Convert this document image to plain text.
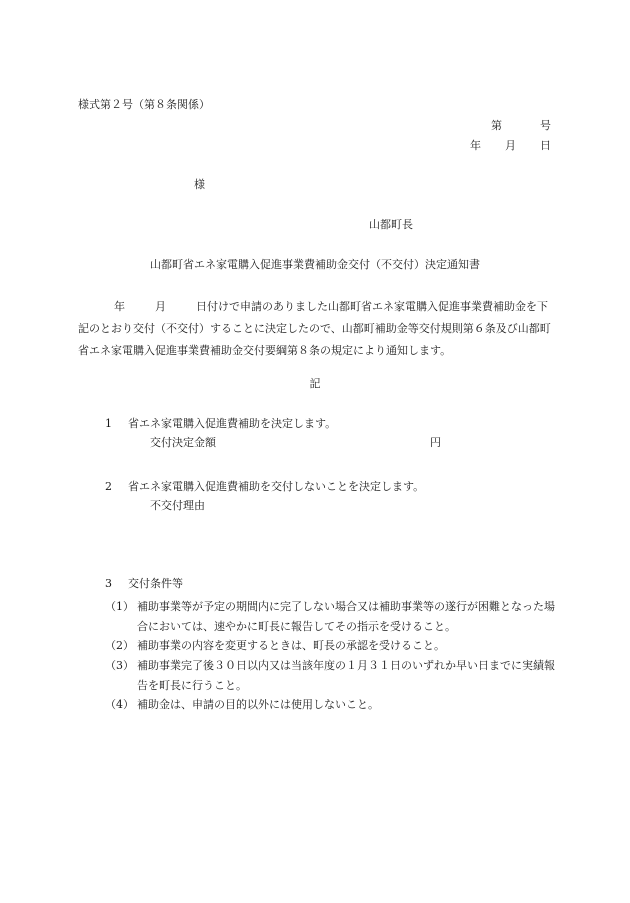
様式第２号（第８条関係）
第	号
年 月 日
様
山都町長
山都町省エネ家電購入促進事業費補助金交付（不交付）決定通知書
年	月	日付けで申請のありました山都町省エネ家電購入促進事業費補助金を下記のとおり交付（不交付）することに決定したので、山都町補助金等交付規則第６条及び山都町省エネ家電購入促進事業費補助金交付要綱第８条の規定により通知します。
記
1 省エネ家電購入促進費補助を決定します。
交付決定金額	円
2 省エネ家電購入促進費補助を交付しないことを決定します。
不交付理由
3 交付条件等
（1） 補助事業等が予定の期間内に完了しない場合又は補助事業等の遂行が困難となった場合においては、速やかに町長に報告してその指示を受けること。
（2） 補助事業の内容を変更するときは、町長の承認を受けること。
（3） 補助事業完了後３０日以内又は当該年度の１月３１日のいずれか早い日までに実績報告を町長に行うこと。
（4） 補助金は、申請の目的以外には使用しないこと。
